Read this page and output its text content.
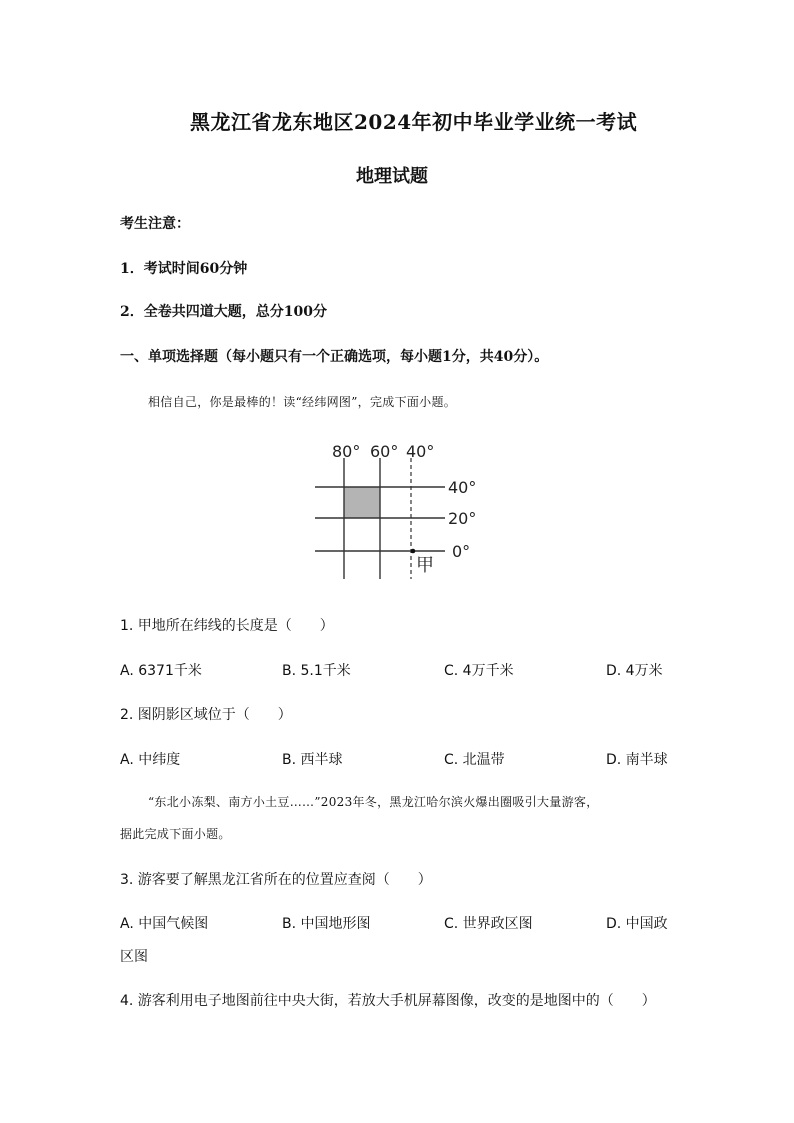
黑龙江省龙东地区2024年初中毕业学业统一考试
地理试题
考生注意：
1．考试时间60分钟
2．全卷共四道大题，总分100分
一、单项选择题（每小题只有一个正确选项，每小题1分，共40分）。
相信自己，你是最棒的！读“经纬网图”，完成下面小题。
80° 60° 40°
40°
20°
0°
甲
1. 甲地所在纬线的长度是（　　）
A. 6371千米	B. 5.1千米	C. 4万千米	D. 4万米
2. 图阴影区域位于（　　）
A. 中纬度	B. 西半球	C. 北温带	D. 南半球
“东北小冻梨、南方小土豆……”2023年冬，黑龙江哈尔滨火爆出圈吸引大量游客，
据此完成下面小题。
3. 游客要了解黑龙江省所在的位置应查阅（　　）
A. 中国气候图	B. 中国地形图	C. 世界政区图	D. 中国政
区图
4. 游客利用电子地图前往中央大街，若放大手机屏幕图像，改变的是地图中的（　　）
